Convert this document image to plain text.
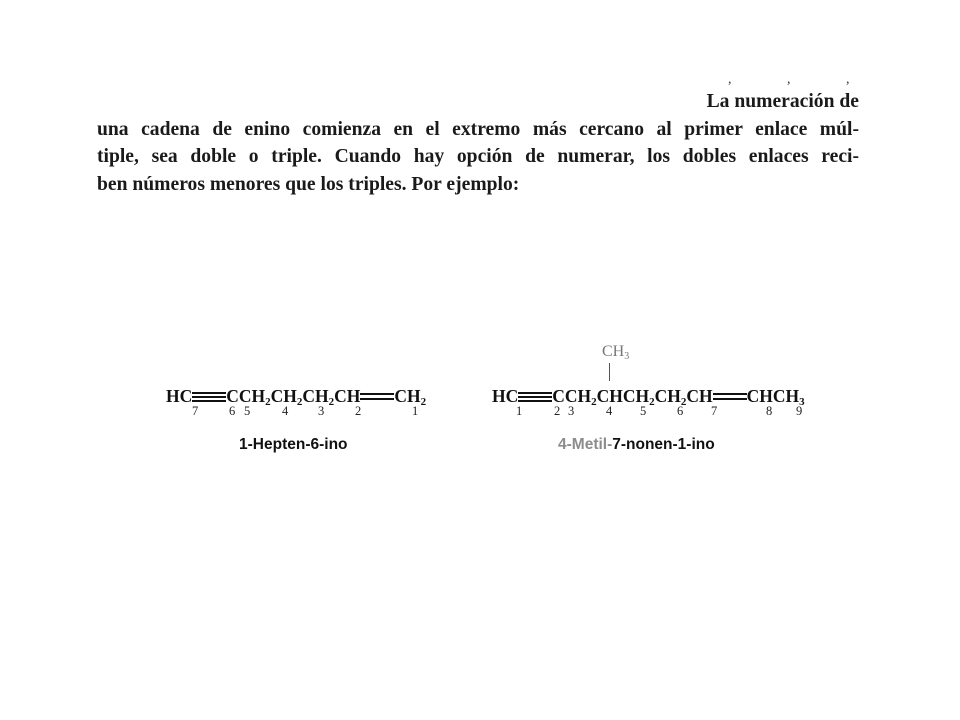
, , ,
La numeración de
una cadena de enino comienza en el extremo más cercano al primer enlace múl-
tiple, sea doble o triple. Cuando hay opción de numerar, los dobles enlaces reci-
ben números menores que los triples. Por ejemplo:
HC $CCH_2CH_2CH_2CH$ $CH_2$
7 6 5	4 3 2	1
1-Hepten-6-ino
$CH_3$
HC $CCH_2CHCH_2CH_2CH$ $CHCH_3$
1	2 3	4 5 6 7	8 9
4-Metil-7-nonen-1-ino
